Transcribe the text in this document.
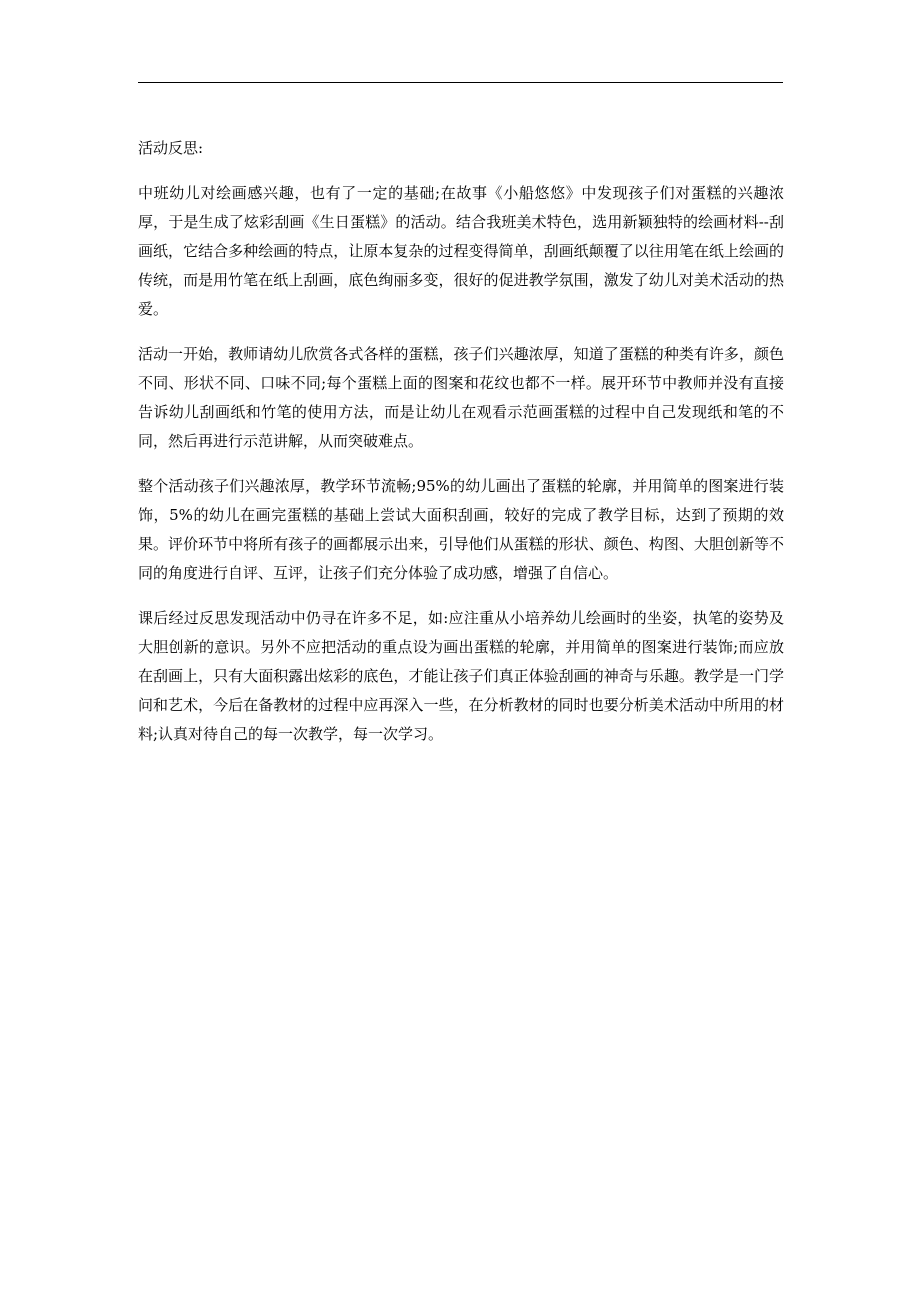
活动反思:

中班幼儿对绘画感兴趣，也有了一定的基础;在故事《小船悠悠》中发现孩子们对蛋糕的兴趣浓厚，于是生成了炫彩刮画《生日蛋糕》的活动。结合我班美术特色，选用新颖独特的绘画材料--刮画纸，它结合多种绘画的特点，让原本复杂的过程变得简单，刮画纸颠覆了以往用笔在纸上绘画的传统，而是用竹笔在纸上刮画，底色绚丽多变，很好的促进教学氛围，激发了幼儿对美术活动的热爱。

活动一开始，教师请幼儿欣赏各式各样的蛋糕，孩子们兴趣浓厚，知道了蛋糕的种类有许多，颜色不同、形状不同、口味不同;每个蛋糕上面的图案和花纹也都不一样。展开环节中教师并没有直接告诉幼儿刮画纸和竹笔的使用方法，而是让幼儿在观看示范画蛋糕的过程中自己发现纸和笔的不同，然后再进行示范讲解，从而突破难点。

整个活动孩子们兴趣浓厚，教学环节流畅;95%的幼儿画出了蛋糕的轮廓，并用简单的图案进行装饰，5%的幼儿在画完蛋糕的基础上尝试大面积刮画，较好的完成了教学目标，达到了预期的效果。评价环节中将所有孩子的画都展示出来，引导他们从蛋糕的形状、颜色、构图、大胆创新等不同的角度进行自评、互评，让孩子们充分体验了成功感，增强了自信心。

课后经过反思发现活动中仍寻在许多不足，如:应注重从小培养幼儿绘画时的坐姿，执笔的姿势及大胆创新的意识。另外不应把活动的重点设为画出蛋糕的轮廓，并用简单的图案进行装饰;而应放在刮画上，只有大面积露出炫彩的底色，才能让孩子们真正体验刮画的神奇与乐趣。教学是一门学问和艺术，今后在备教材的过程中应再深入一些，在分析教材的同时也要分析美术活动中所用的材料;认真对待自己的每一次教学，每一次学习。
